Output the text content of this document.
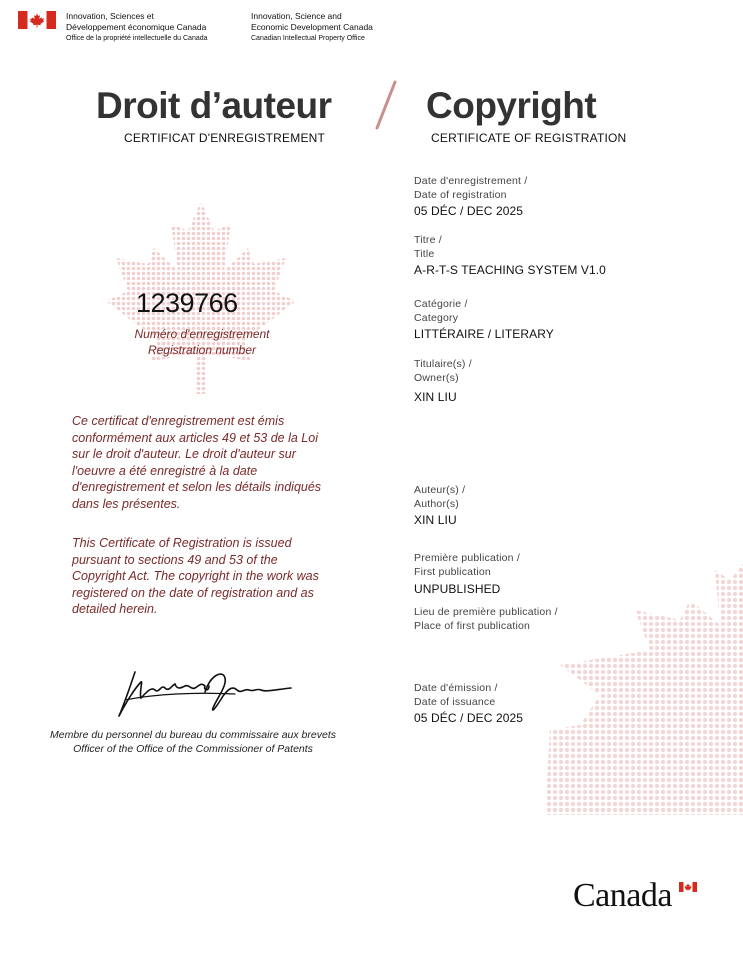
Innovation, Sciences et
Développement économique Canada
Office de la propriété intellectuelle du Canada
Innovation, Science and
Economic Development Canada
Canadian Intellectual Property Office
Droit d’auteur	Copyright
CERTIFICAT D'ENREGISTREMENT	CERTIFICATE OF REGISTRATION
1239766
Numéro d'enregistrement
Registration number
Ce certificat d'enregistrement est émis conformément aux articles 49 et 53 de la Loi sur le droit d'auteur. Le droit d'auteur sur l'oeuvre a été enregistré à la date d'enregistrement et selon les détails indiqués dans les présentes.
This Certificate of Registration is issued pursuant to sections 49 and 53 of the Copyright Act. The copyright in the work was registered on the date of registration and as detailed herein.
Membre du personnel du bureau du commissaire aux brevets
Officer of the Office of the Commissioner of Patents
Date d'enregistrement /
Date of registration
05 DÉC / DEC 2025
Titre /
Title
A-R-T-S TEACHING SYSTEM V1.0
Catégorie /
Category
LITTÉRAIRE / LITERARY
Titulaire(s) /
Owner(s)
XIN LIU
Auteur(s) /
Author(s)
XIN LIU
Première publication /
First publication
UNPUBLISHED
Lieu de première publication /
Place of first publication
Date d'émission /
Date of issuance
05 DÉC / DEC 2025
Canada
